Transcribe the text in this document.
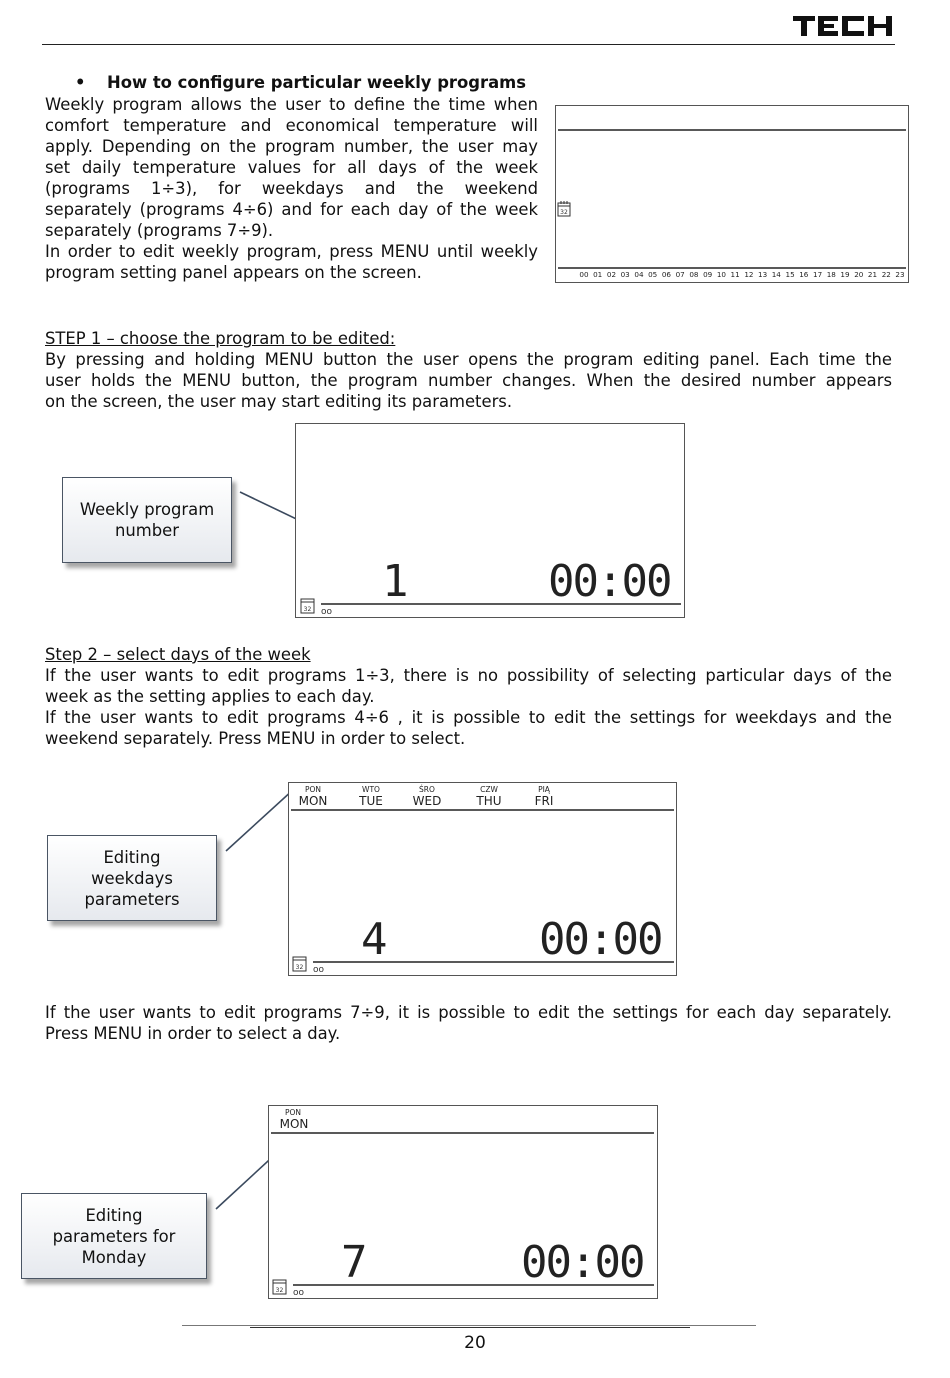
• How to configure particular weekly programs
Weekly program allows the user to define the time when
comfort temperature and economical temperature will
apply. Depending on the program number, the user may
set daily temperature values for all days of the week
(programs 1÷3), for weekdays and the weekend
separately (programs 4÷6) and for each day of the week
separately (programs 7÷9).
In order to edit weekly program, press MENU until weekly
program setting panel appears on the screen.
32
00 01 02 03 04 05 06 07 08 09 10 11 12 13 14 15 16 17 18 19 20 21 22 23
STEP 1 – choose the program to be edited:
By pressing and holding MENU button the user opens the program editing panel. Each time the
user holds the MENU button, the program number changes. When the desired number appears
on the screen, the user may start editing its parameters.
Weekly program
number
1	00:00
32 oo
Step 2 – select days of the week
If the user wants to edit programs 1÷3, there is no possibility of selecting particular days of the
week as the setting applies to each day.
If the user wants to edit programs 4÷6 , it is possible to edit the settings for weekdays and the
weekend separately. Press MENU in order to select.
Editing
weekdays
parameters
PON	WTO	ŚRO	CZW	PIĄ
MON	TUE WED	THU	FRI
4	00:00
32 oo
If the user wants to edit programs 7÷9, it is possible to edit the settings for each day separately.
Press MENU in order to select a day.
Editing
parameters for
Monday
PON
MON
7	00:00
32 oo
20
